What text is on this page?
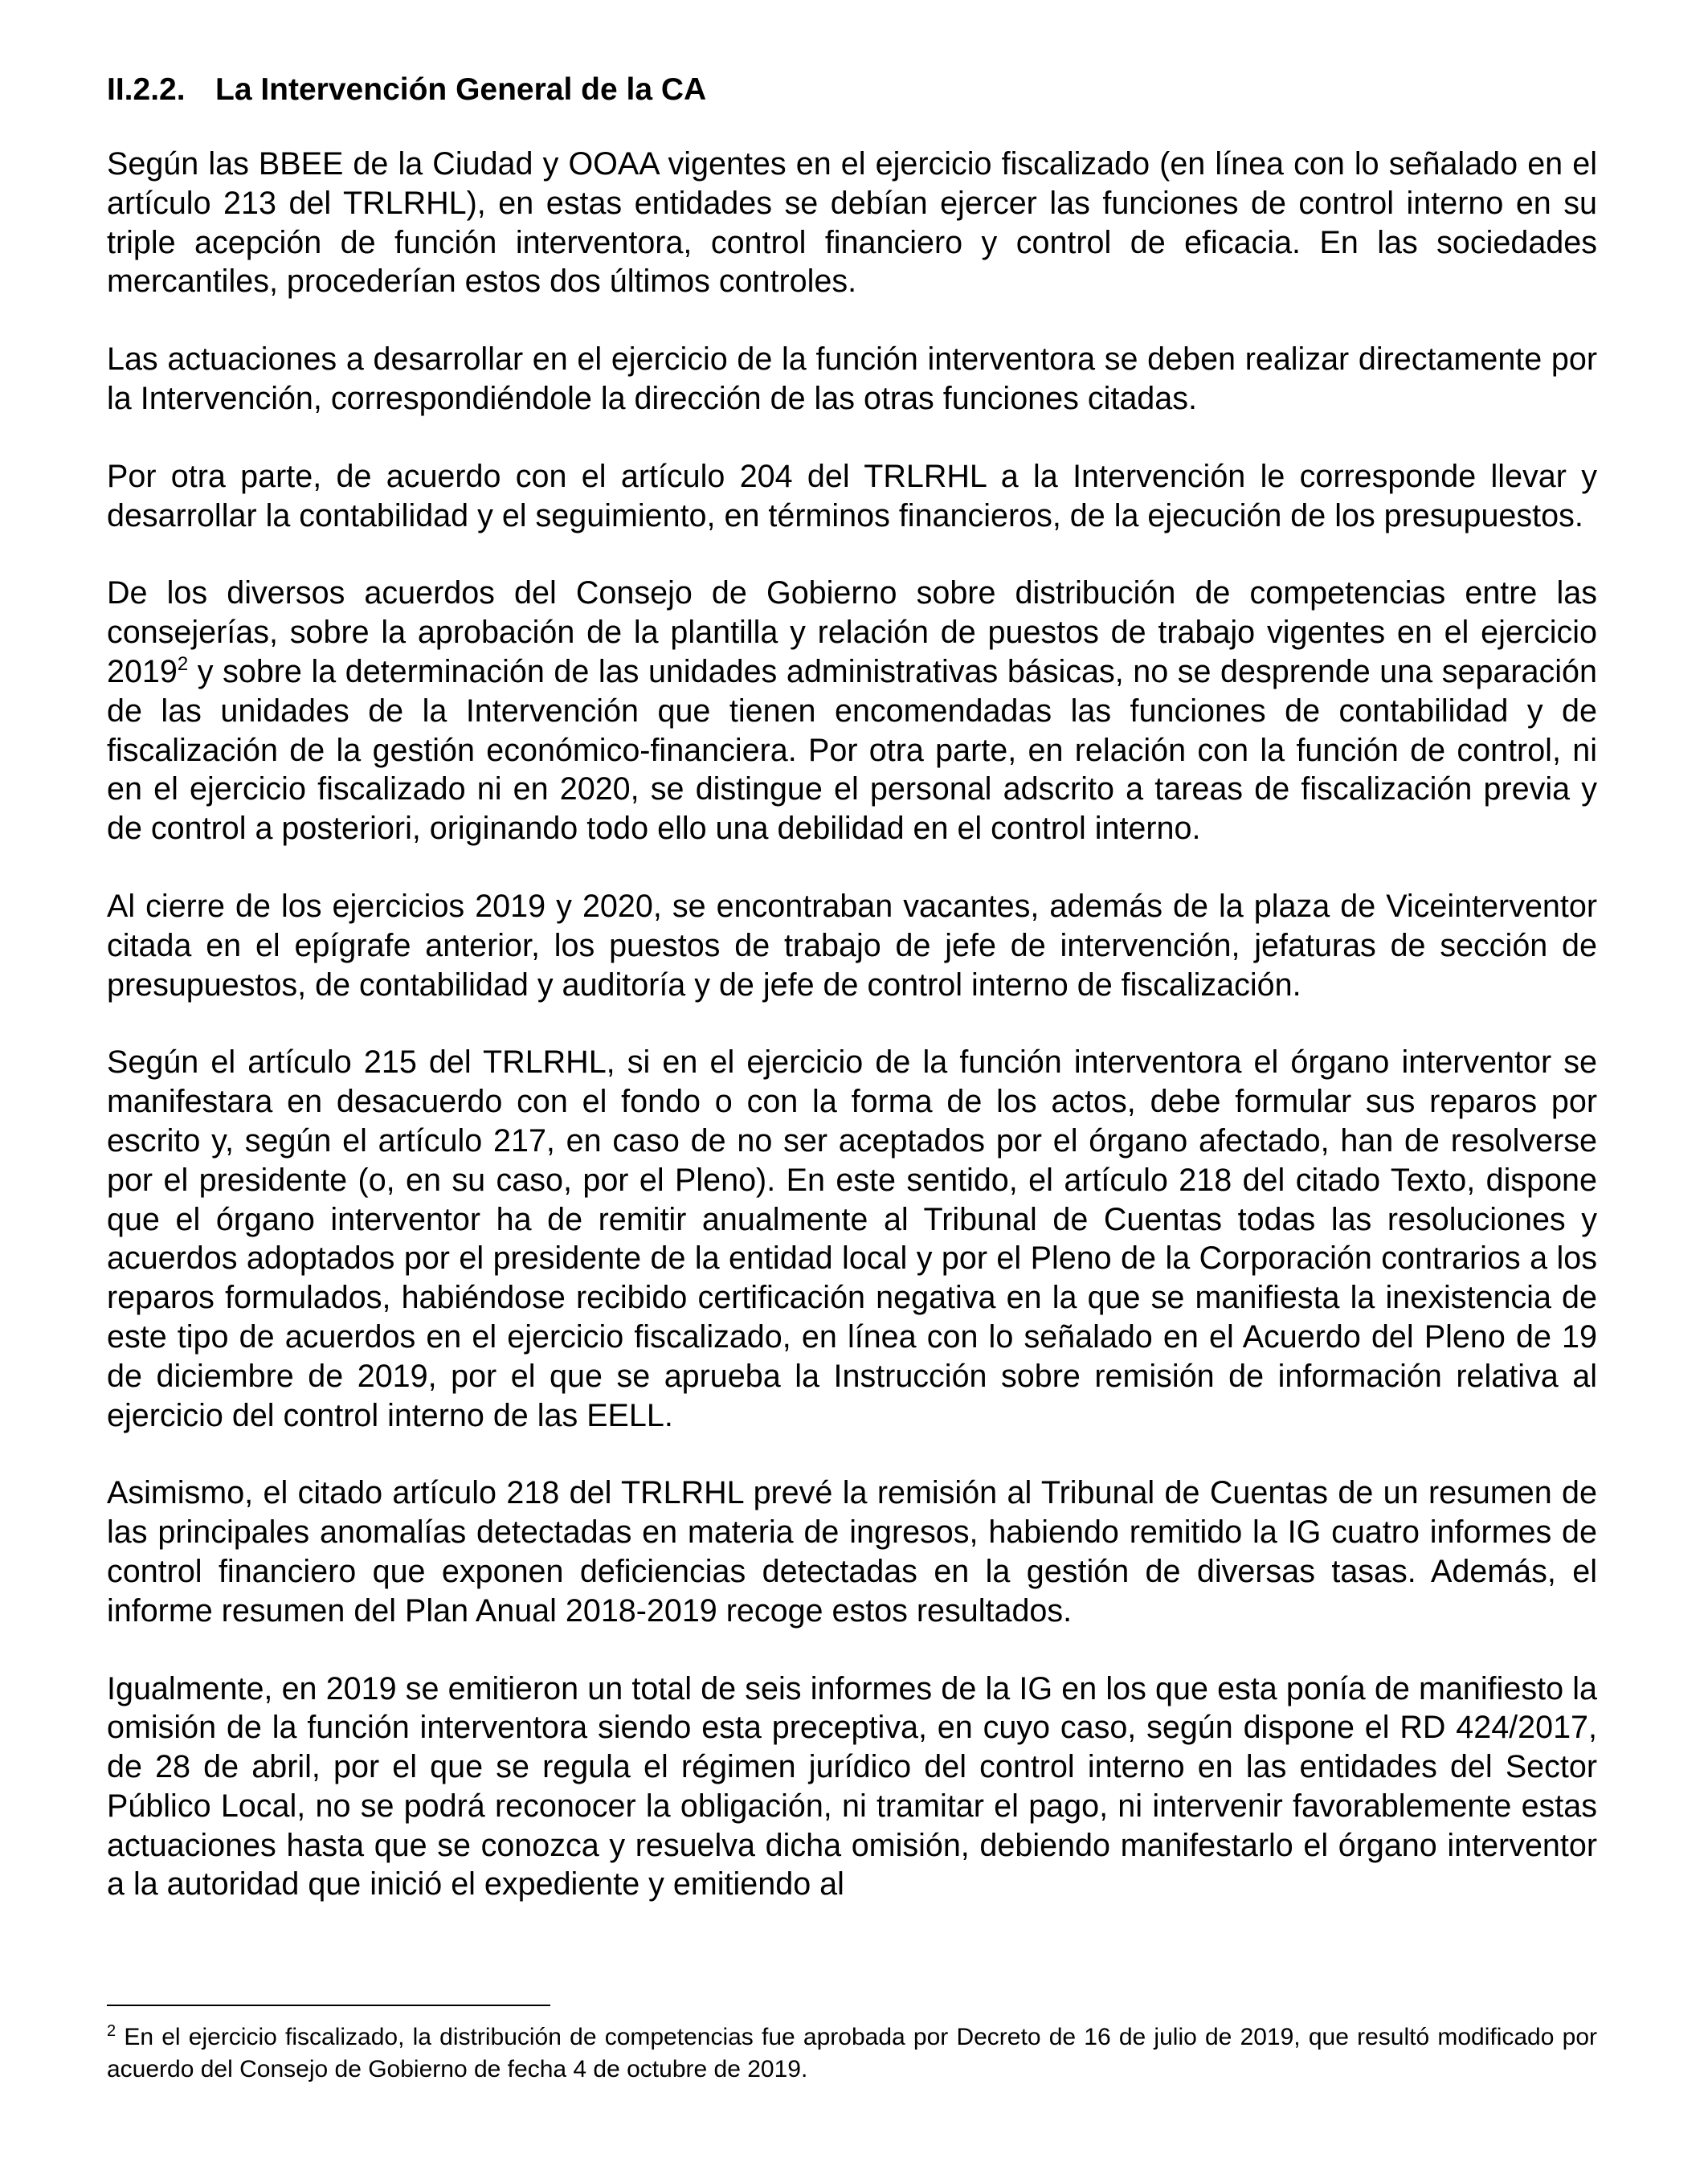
II.2.2. La Intervención General de la CA

Según las BBEE de la Ciudad y OOAA vigentes en el ejercicio fiscalizado (en línea con lo señalado en el artículo 213 del TRLRHL), en estas entidades se debían ejercer las funciones de control interno en su triple acepción de función interventora, control financiero y control de eficacia. En las sociedades mercantiles, procederían estos dos últimos controles.

Las actuaciones a desarrollar en el ejercicio de la función interventora se deben realizar directamente por la Intervención, correspondiéndole la dirección de las otras funciones citadas.

Por otra parte, de acuerdo con el artículo 204 del TRLRHL a la Intervención le corresponde llevar y desarrollar la contabilidad y el seguimiento, en términos financieros, de la ejecución de los presupuestos.

De los diversos acuerdos del Consejo de Gobierno sobre distribución de competencias entre las consejerías, sobre la aprobación de la plantilla y relación de puestos de trabajo vigentes en el ejercicio 2019$^2$ y sobre la determinación de las unidades administrativas básicas, no se desprende una separación de las unidades de la Intervención que tienen encomendadas las funciones de contabilidad y de fiscalización de la gestión económico-financiera. Por otra parte, en relación con la función de control, ni en el ejercicio fiscalizado ni en 2020, se distingue el personal adscrito a tareas de fiscalización previa y de control a posteriori, originando todo ello una debilidad en el control interno.

Al cierre de los ejercicios 2019 y 2020, se encontraban vacantes, además de la plaza de Viceinterventor citada en el epígrafe anterior, los puestos de trabajo de jefe de intervención, jefaturas de sección de presupuestos, de contabilidad y auditoría y de jefe de control interno de fiscalización.

Según el artículo 215 del TRLRHL, si en el ejercicio de la función interventora el órgano interventor se manifestara en desacuerdo con el fondo o con la forma de los actos, debe formular sus reparos por escrito y, según el artículo 217, en caso de no ser aceptados por el órgano afectado, han de resolverse por el presidente (o, en su caso, por el Pleno). En este sentido, el artículo 218 del citado Texto, dispone que el órgano interventor ha de remitir anualmente al Tribunal de Cuentas todas las resoluciones y acuerdos adoptados por el presidente de la entidad local y por el Pleno de la Corporación contrarios a los reparos formulados, habiéndose recibido certificación negativa en la que se manifiesta la inexistencia de este tipo de acuerdos en el ejercicio fiscalizado, en línea con lo señalado en el Acuerdo del Pleno de 19 de diciembre de 2019, por el que se aprueba la Instrucción sobre remisión de información relativa al ejercicio del control interno de las EELL.

Asimismo, el citado artículo 218 del TRLRHL prevé la remisión al Tribunal de Cuentas de un resumen de las principales anomalías detectadas en materia de ingresos, habiendo remitido la IG cuatro informes de control financiero que exponen deficiencias detectadas en la gestión de diversas tasas. Además, el informe resumen del Plan Anual 2018-2019 recoge estos resultados.

Igualmente, en 2019 se emitieron un total de seis informes de la IG en los que esta ponía de manifiesto la omisión de la función interventora siendo esta preceptiva, en cuyo caso, según dispone el RD 424/2017, de 28 de abril, por el que se regula el régimen jurídico del control interno en las entidades del Sector Público Local, no se podrá reconocer la obligación, ni tramitar el pago, ni intervenir favorablemente estas actuaciones hasta que se conozca y resuelva dicha omisión, debiendo manifestarlo el órgano interventor a la autoridad que inició el expediente y emitiendo al

$^2$ En el ejercicio fiscalizado, la distribución de competencias fue aprobada por Decreto de 16 de julio de 2019, que resultó modificado por acuerdo del Consejo de Gobierno de fecha 4 de octubre de 2019.
